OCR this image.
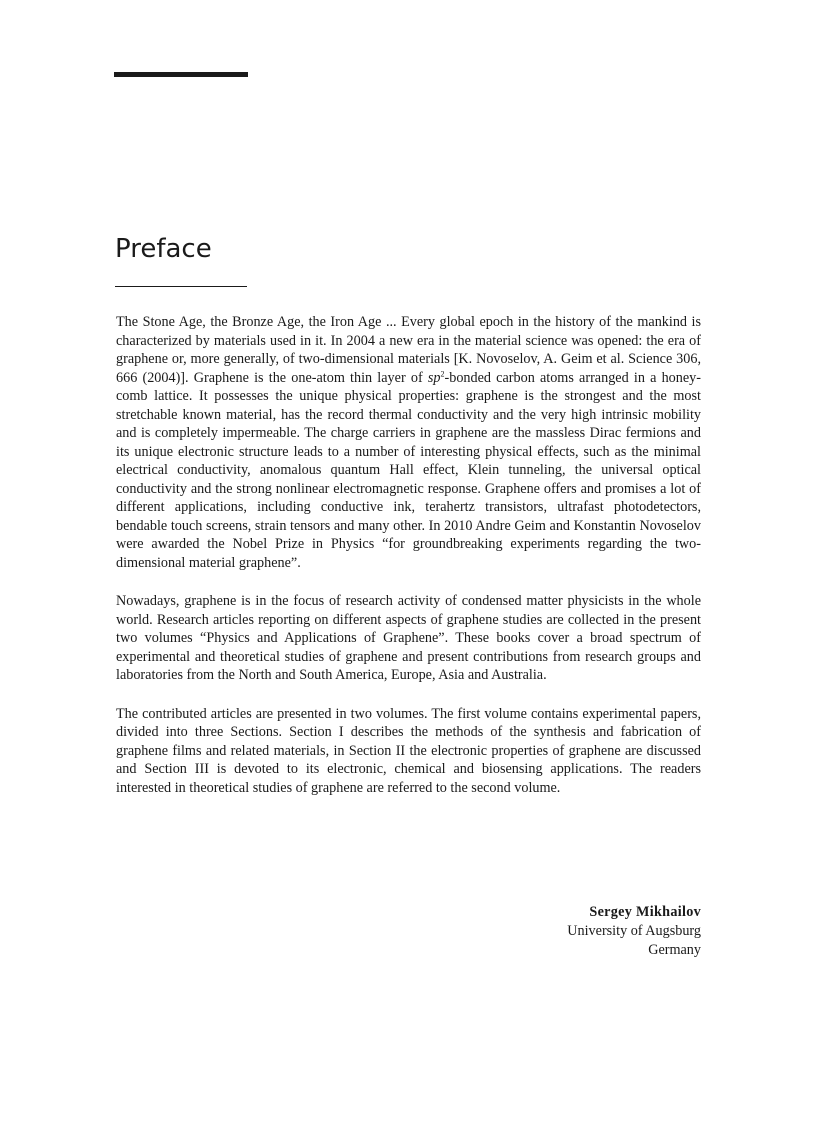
Preface

The Stone Age, the Bronze Age, the Iron Age ... Every global epoch in the history of the mankind is characterized by materials used in it. In 2004 a new era in the material science was opened: the era of graphene or, more generally, of two-dimensional materials [K. Novoselov, A. Geim et al. Science 306, 666 (2004)]. Graphene is the one-atom thin layer of $sp^2$-bonded carbon atoms arranged in a honey-comb lattice. It possesses the unique physical properties: graphene is the strongest and the most stretchable known material, has the record thermal conductivity and the very high intrinsic mobility and is completely impermeable. The charge carriers in graphene are the massless Dirac fermions and its unique electronic structure leads to a number of interesting physical effects, such as the minimal electrical conductivity, anomalous quantum Hall effect, Klein tunneling, the universal optical conductivity and the strong nonlinear electromagnetic response. Graphene offers and promises a lot of different applications, including conductive ink, terahertz transistors, ultrafast photodetectors, bendable touch screens, strain tensors and many other. In 2010 Andre Geim and Konstantin Novoselov were awarded the Nobel Prize in Physics “for groundbreaking experiments regarding the two-dimensional material graphene”.

Nowadays, graphene is in the focus of research activity of condensed matter physicists in the whole world. Research articles reporting on different aspects of graphene studies are collected in the present two volumes “Physics and Applications of Graphene”. These books cover a broad spectrum of experimental and theoretical studies of graphene and present contributions from research groups and laboratories from the North and South America, Europe, Asia and Australia.

The contributed articles are presented in two volumes. The first volume contains experimental papers, divided into three Sections. Section I describes the methods of the synthesis and fabrication of graphene films and related materials, in Section II the electronic properties of graphene are discussed and Section III is devoted to its electronic, chemical and biosensing applications. The readers interested in theoretical studies of graphene are referred to the second volume.

Sergey Mikhailov
University of Augsburg
Germany
